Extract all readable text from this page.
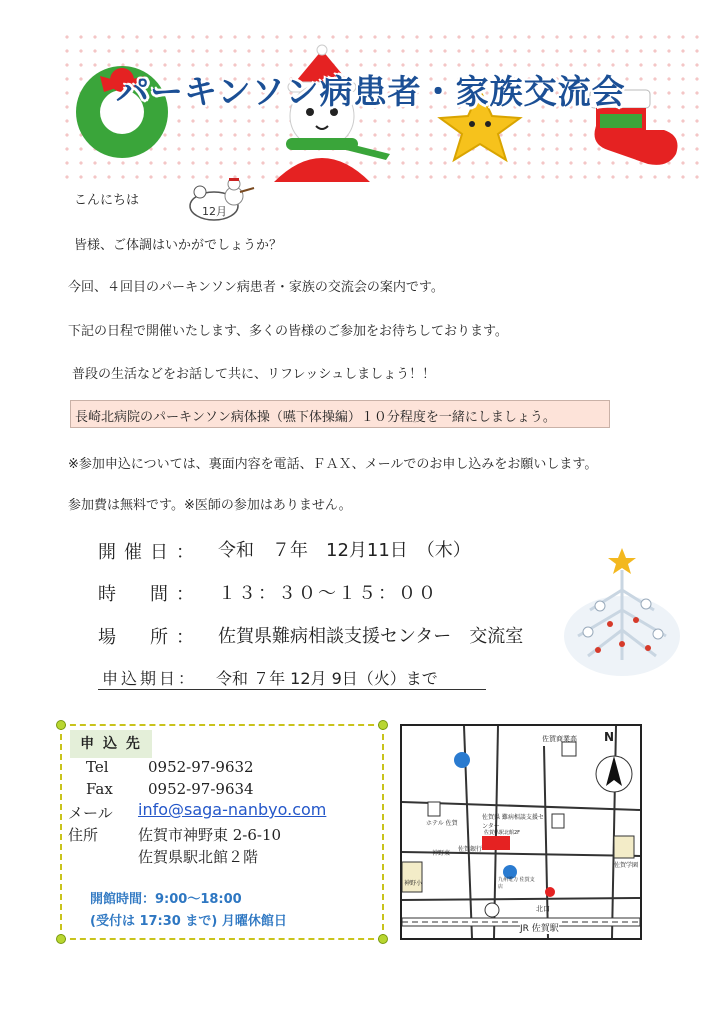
パーキンソン病患者・家族交流会
こんにちは
12月
皆様、ご体調はいかがでしょうか？
今回、４回目のパーキンソン病患者・家族の交流会の案内です。
下記の日程で開催いたします、多くの皆様のご参加をお待ちしております。
普段の生活などをお話して共に、リフレッシュしましょう！！
長崎北病院のパーキンソン病体操（嚥下体操編）１０分程度を一緒にしましょう。
※参加申込については、裏面内容を電話、ＦＡＸ、メールでのお申し込みをお願いします。
参加費は無料です。※医師の参加はありません。
開催日： 令和　７年　12月11日　（木）
時　間： １３：３０～１５：００
場　所： 佐賀県難病相談支援センター　交流室
申込期日： 令和 ７年 12月 9日（火）まで
申 込 先
Tel	0952-97-9632
Fax 0952-97-9634
メール info@saga-nanbyo.com
住所	佐賀市神野東 2-6-10
佐賀県駅北館２階
開館時間：9:00～18:00
(受付は 17:30 まで) 月曜休館日
N
佐賀商業高
ホテル 佐賀
佐賀県 難病相談支援センター
佐賀県駅北館2F
佐賀銀行
神野東
佐賀学園
神野小	九州電力 佐賀支店
北口
JR 佐賀駅
